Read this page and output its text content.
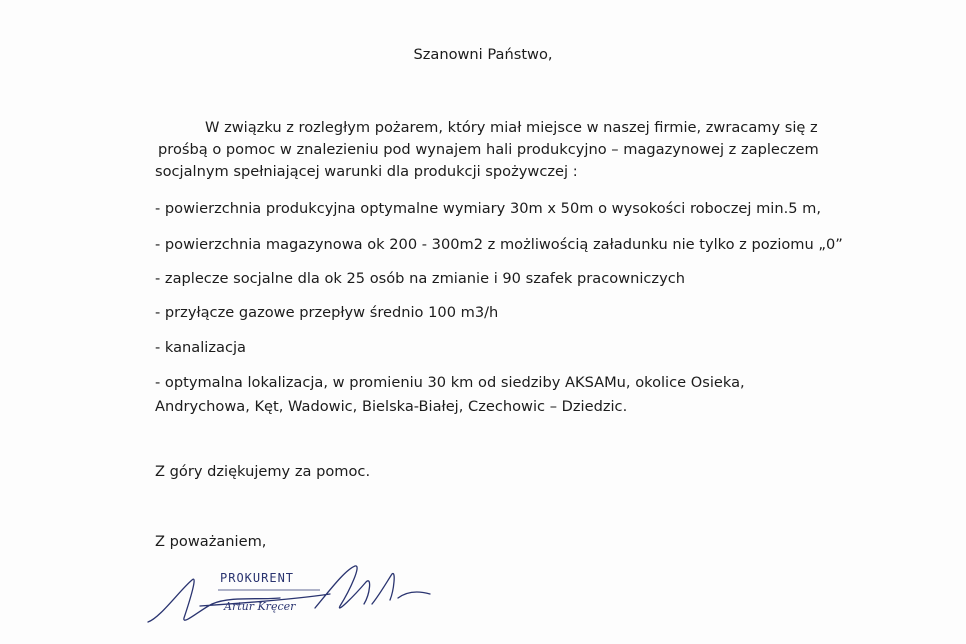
Szanowni Państwo,
W związku z rozległym pożarem, który miał miejsce w naszej firmie, zwracamy się z
prośbą o pomoc w znalezieniu pod wynajem hali produkcyjno – magazynowej z zapleczem
socjalnym spełniającej warunki dla produkcji spożywczej :
- powierzchnia produkcyjna optymalne wymiary 30m x 50m o wysokości roboczej min.5 m,
- powierzchnia magazynowa ok 200 - 300m2 z możliwością załadunku nie tylko z poziomu „0”
- zaplecze socjalne dla ok 25 osób na zmianie i 90 szafek pracowniczych
- przyłącze gazowe przepływ średnio 100 m3/h
- kanalizacja
- optymalna lokalizacja, w promieniu 30 km od siedziby AKSAMu, okolice Osieka,
Andrychowa, Kęt, Wadowic, Bielska-Białej, Czechowic – Dziedzic.
Z góry dziękujemy za pomoc.
Z poważaniem,
PROKURENT
Artur Kręcer
